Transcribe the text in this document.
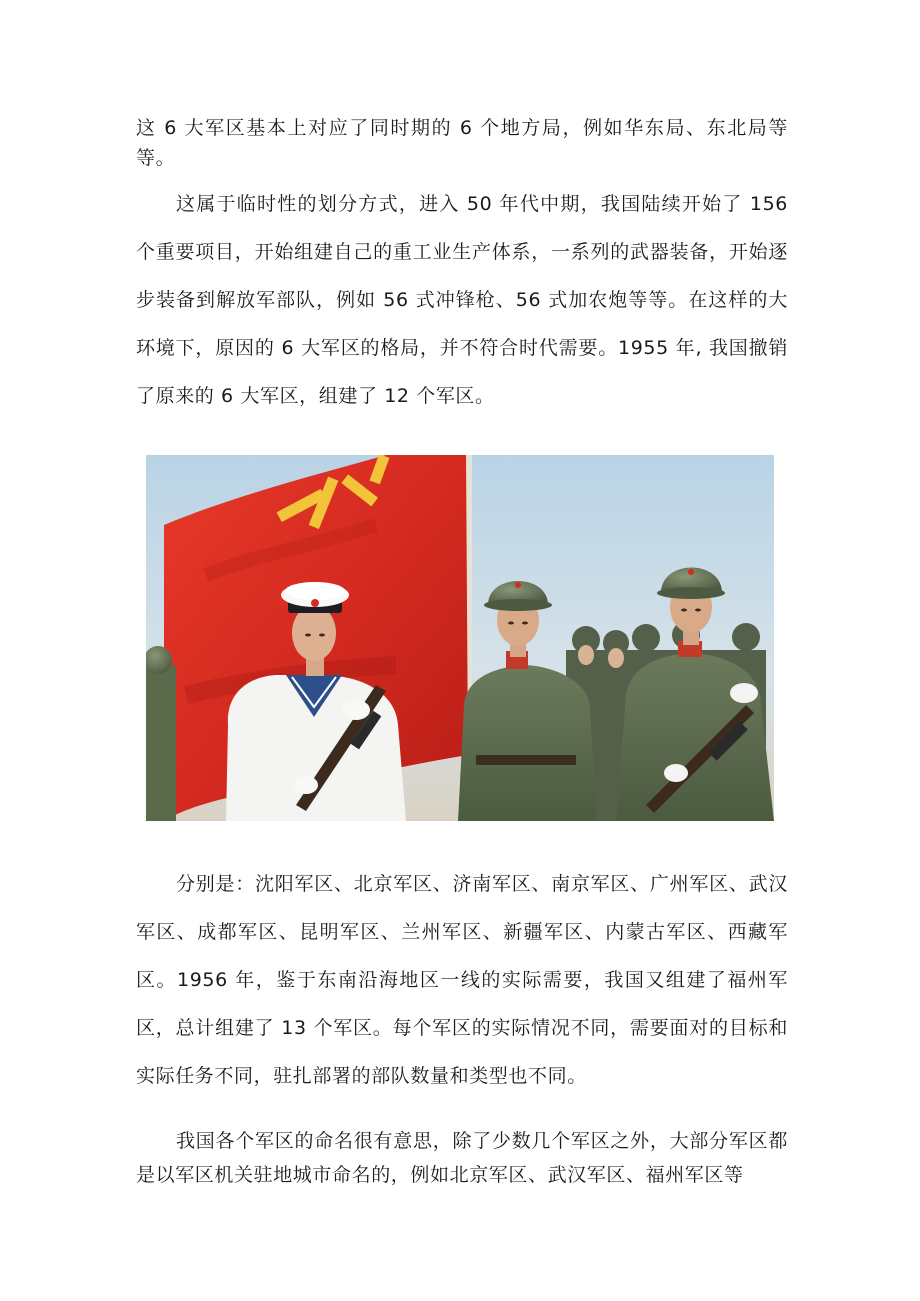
这 6 大军区基本上对应了同时期的 6 个地方局，例如华东局、东北局等等。

这属于临时性的划分方式，进入 50 年代中期，我国陆续开始了 156 个重要项目，开始组建自己的重工业生产体系，一系列的武器装备，开始逐步装备到解放军部队，例如 56 式冲锋枪、56 式加农炮等等。在这样的大环境下，原因的 6 大军区的格局，并不符合时代需要。1955 年, 我国撤销了原来的 6 大军区，组建了 12 个军区。

分别是：沈阳军区、北京军区、济南军区、南京军区、广州军区、武汉军区、成都军区、昆明军区、兰州军区、新疆军区、内蒙古军区、西藏军区。1956 年，鉴于东南沿海地区一线的实际需要，我国又组建了福州军区，总计组建了 13 个军区。每个军区的实际情况不同，需要面对的目标和实际任务不同，驻扎部署的部队数量和类型也不同。

我国各个军区的命名很有意思，除了少数几个军区之外，大部分军区都是以军区机关驻地城市命名的，例如北京军区、武汉军区、福州军区等
